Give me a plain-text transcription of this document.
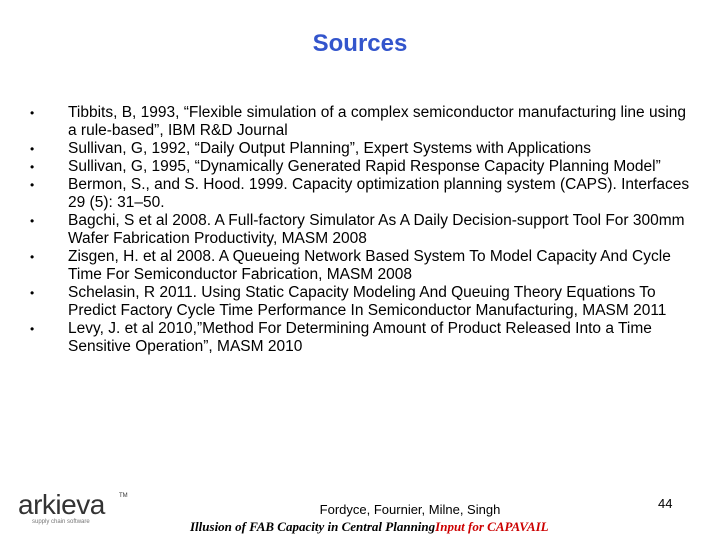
Sources
•	Tibbits, B, 1993, “Flexible simulation of a complex semiconductor manufacturing line using a rule-based”, IBM R&D Journal
•	Sullivan, G, 1992, “Daily Output Planning”, Expert Systems with Applications
•	Sullivan, G, 1995, “Dynamically Generated Rapid Response Capacity Planning Model”
•	Bermon, S., and S. Hood. 1999. Capacity optimization planning system (CAPS). Interfaces 29 (5): 31–50.
•	Bagchi, S et al 2008. A Full-factory Simulator As A Daily Decision-support Tool For 300mm Wafer Fabrication Productivity, MASM 2008
•	Zisgen, H. et al 2008. A Queueing Network Based System To Model Capacity And Cycle Time For Semiconductor Fabrication, MASM 2008
•	Schelasin, R 2011. Using Static Capacity Modeling And Queuing Theory Equations To Predict Factory Cycle Time Performance In Semiconductor Manufacturing, MASM 2011
•	Levy, J. et al 2010,”Method For Determining Amount of Product Released Into a Time Sensitive Operation”, MASM 2010
arkieva TM
supply chain software
Fordyce, Fournier, Milne, Singh
Illusion of FAB Capacity in Central PlanningInput for CAPAVAIL
44
